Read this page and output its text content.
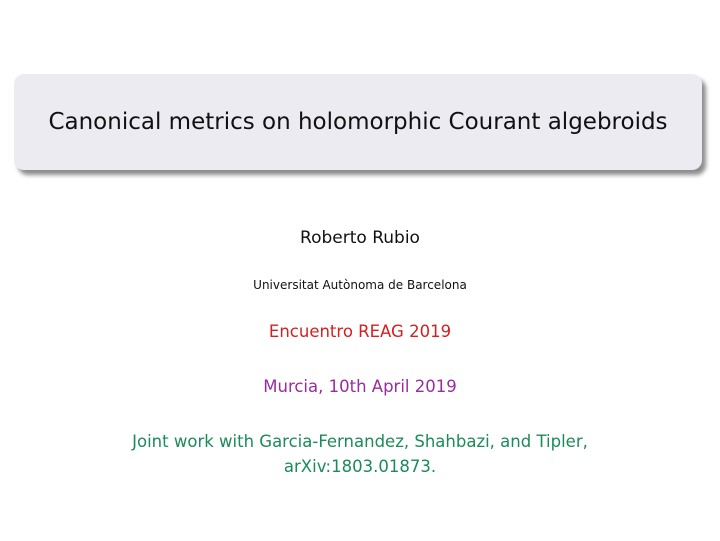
Canonical metrics on holomorphic Courant algebroids
Roberto Rubio
Universitat Autònoma de Barcelona
Encuentro REAG 2019
Murcia, 10th April 2019
Joint work with Garcia-Fernandez, Shahbazi, and Tipler,
arXiv:1803.01873.
